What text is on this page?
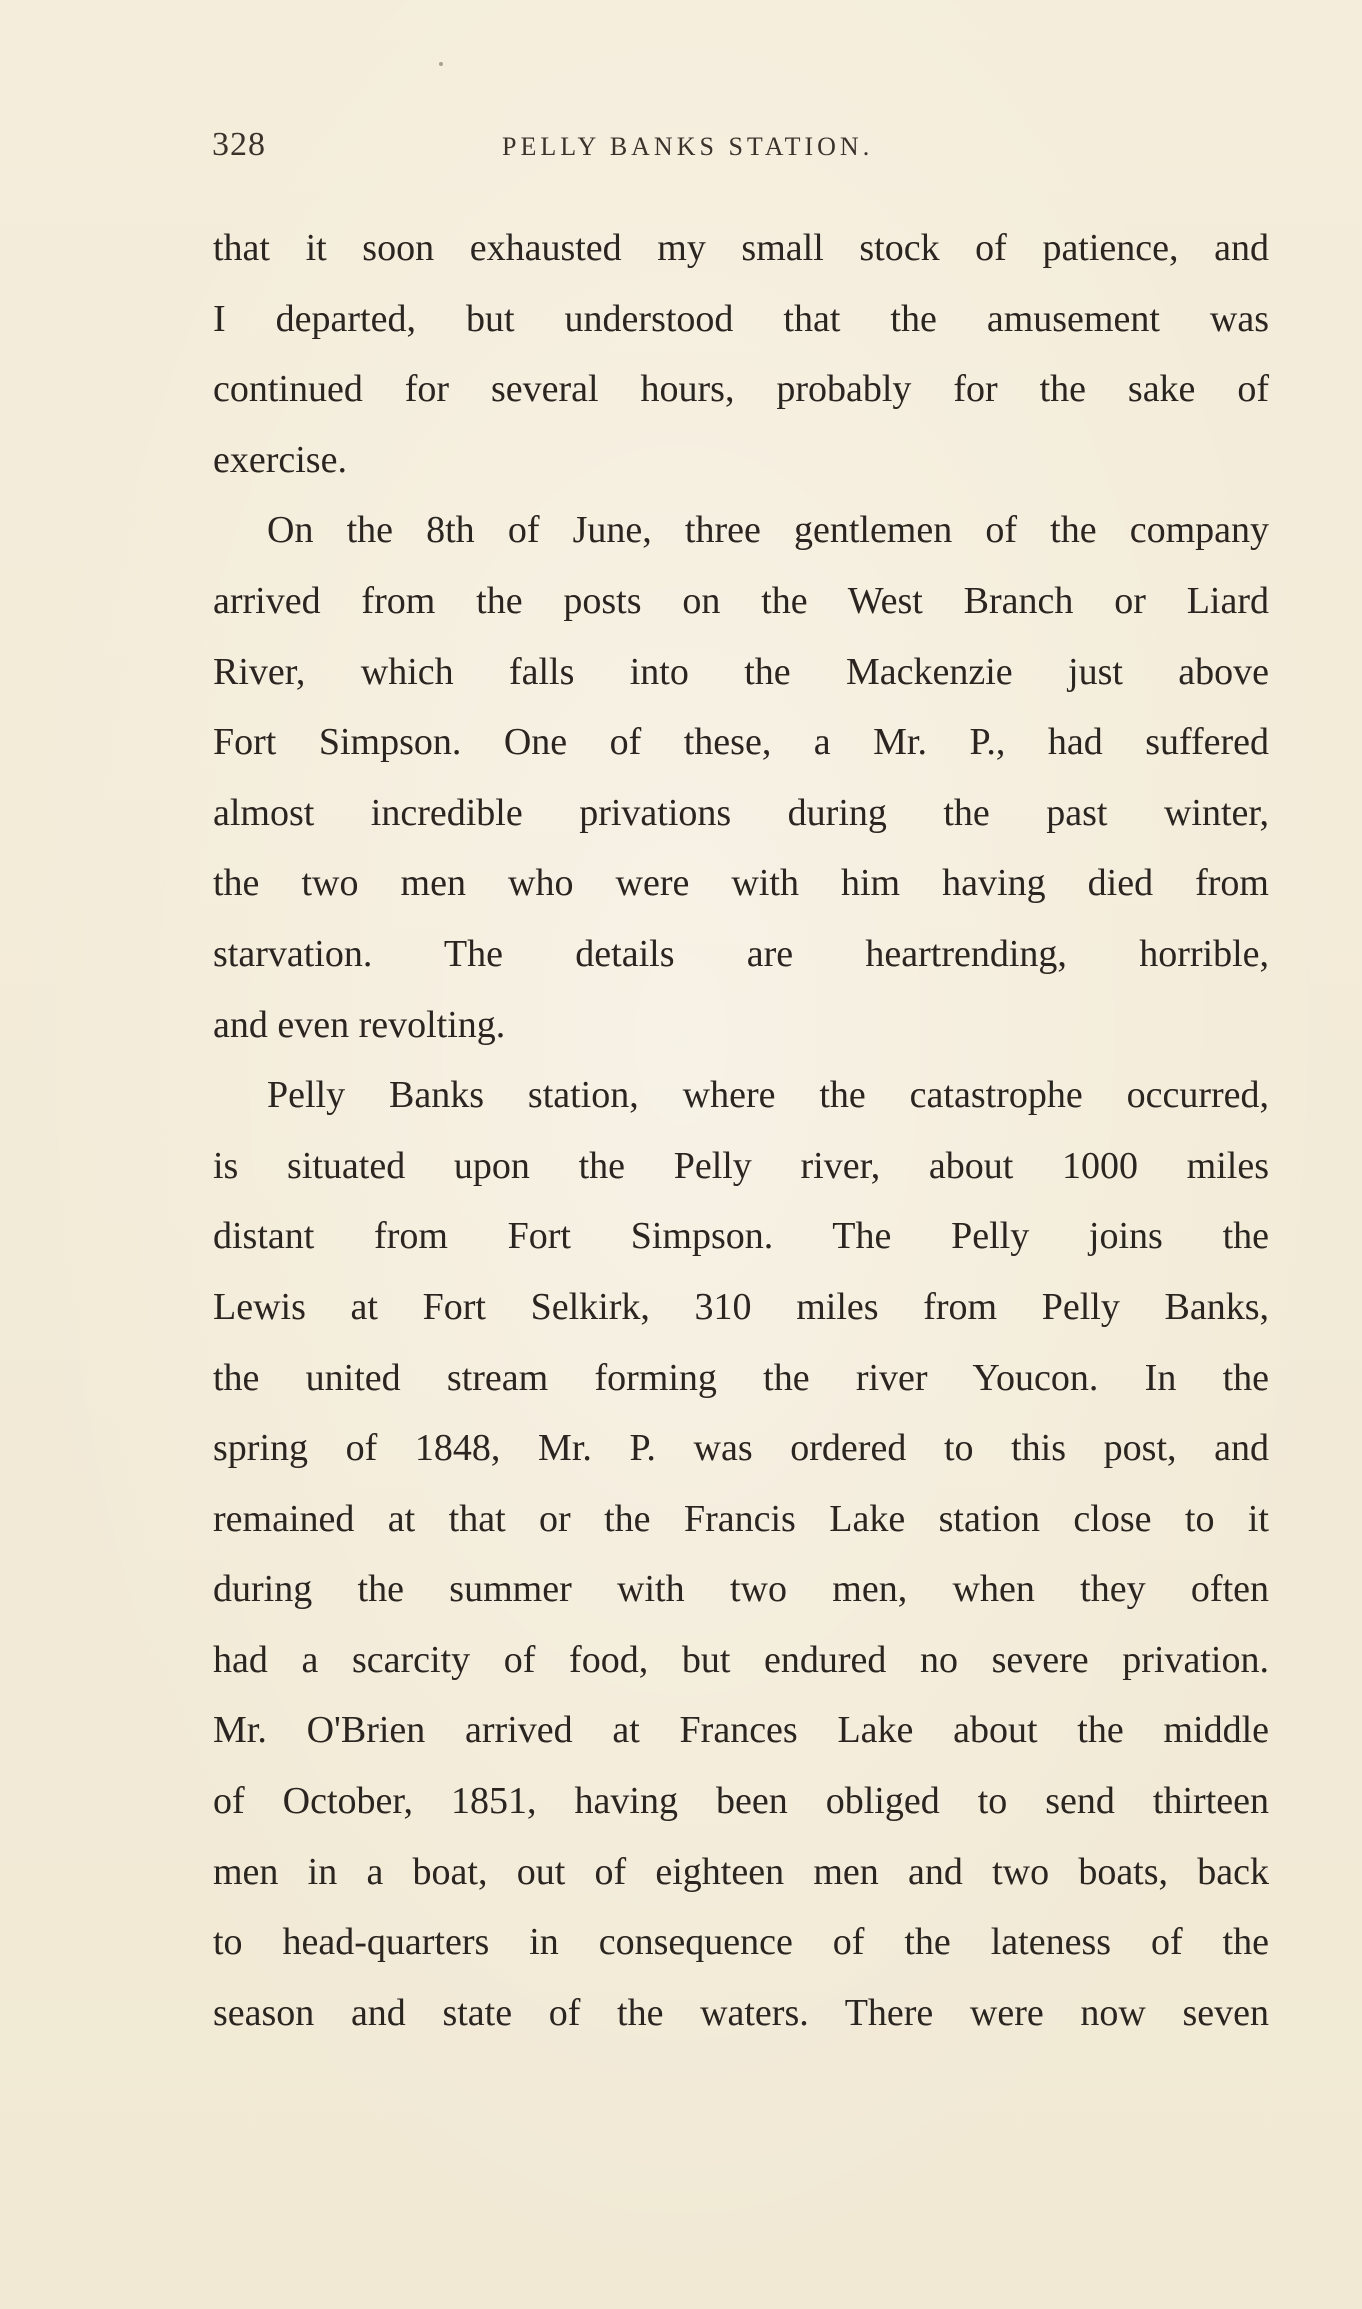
328	PELLY BANKS STATION.
that it soon exhausted my small stock of patience, and
I departed, but understood that the amusement was
continued for several hours, probably for the sake of
exercise.
On the 8th of June, three gentlemen of the company
arrived from the posts on the West Branch or Liard
River, which falls into the Mackenzie just above
Fort Simpson. One of these, a Mr. P., had suffered
almost incredible privations during the past winter,
the two men who were with him having died from
starvation. The details are heartrending, horrible,
and even revolting.
Pelly Banks station, where the catastrophe occurred,
is situated upon the Pelly river, about 1000 miles
distant from Fort Simpson. The Pelly joins the
Lewis at Fort Selkirk, 310 miles from Pelly Banks,
the united stream forming the river Youcon. In the
spring of 1848, Mr. P. was ordered to this post, and
remained at that or the Francis Lake station close to it
during the summer with two men, when they often
had a scarcity of food, but endured no severe privation.
Mr. O'Brien arrived at Frances Lake about the middle
of October, 1851, having been obliged to send thirteen
men in a boat, out of eighteen men and two boats, back
to head-quarters in consequence of the lateness of the
season and state of the waters. There were now seven
